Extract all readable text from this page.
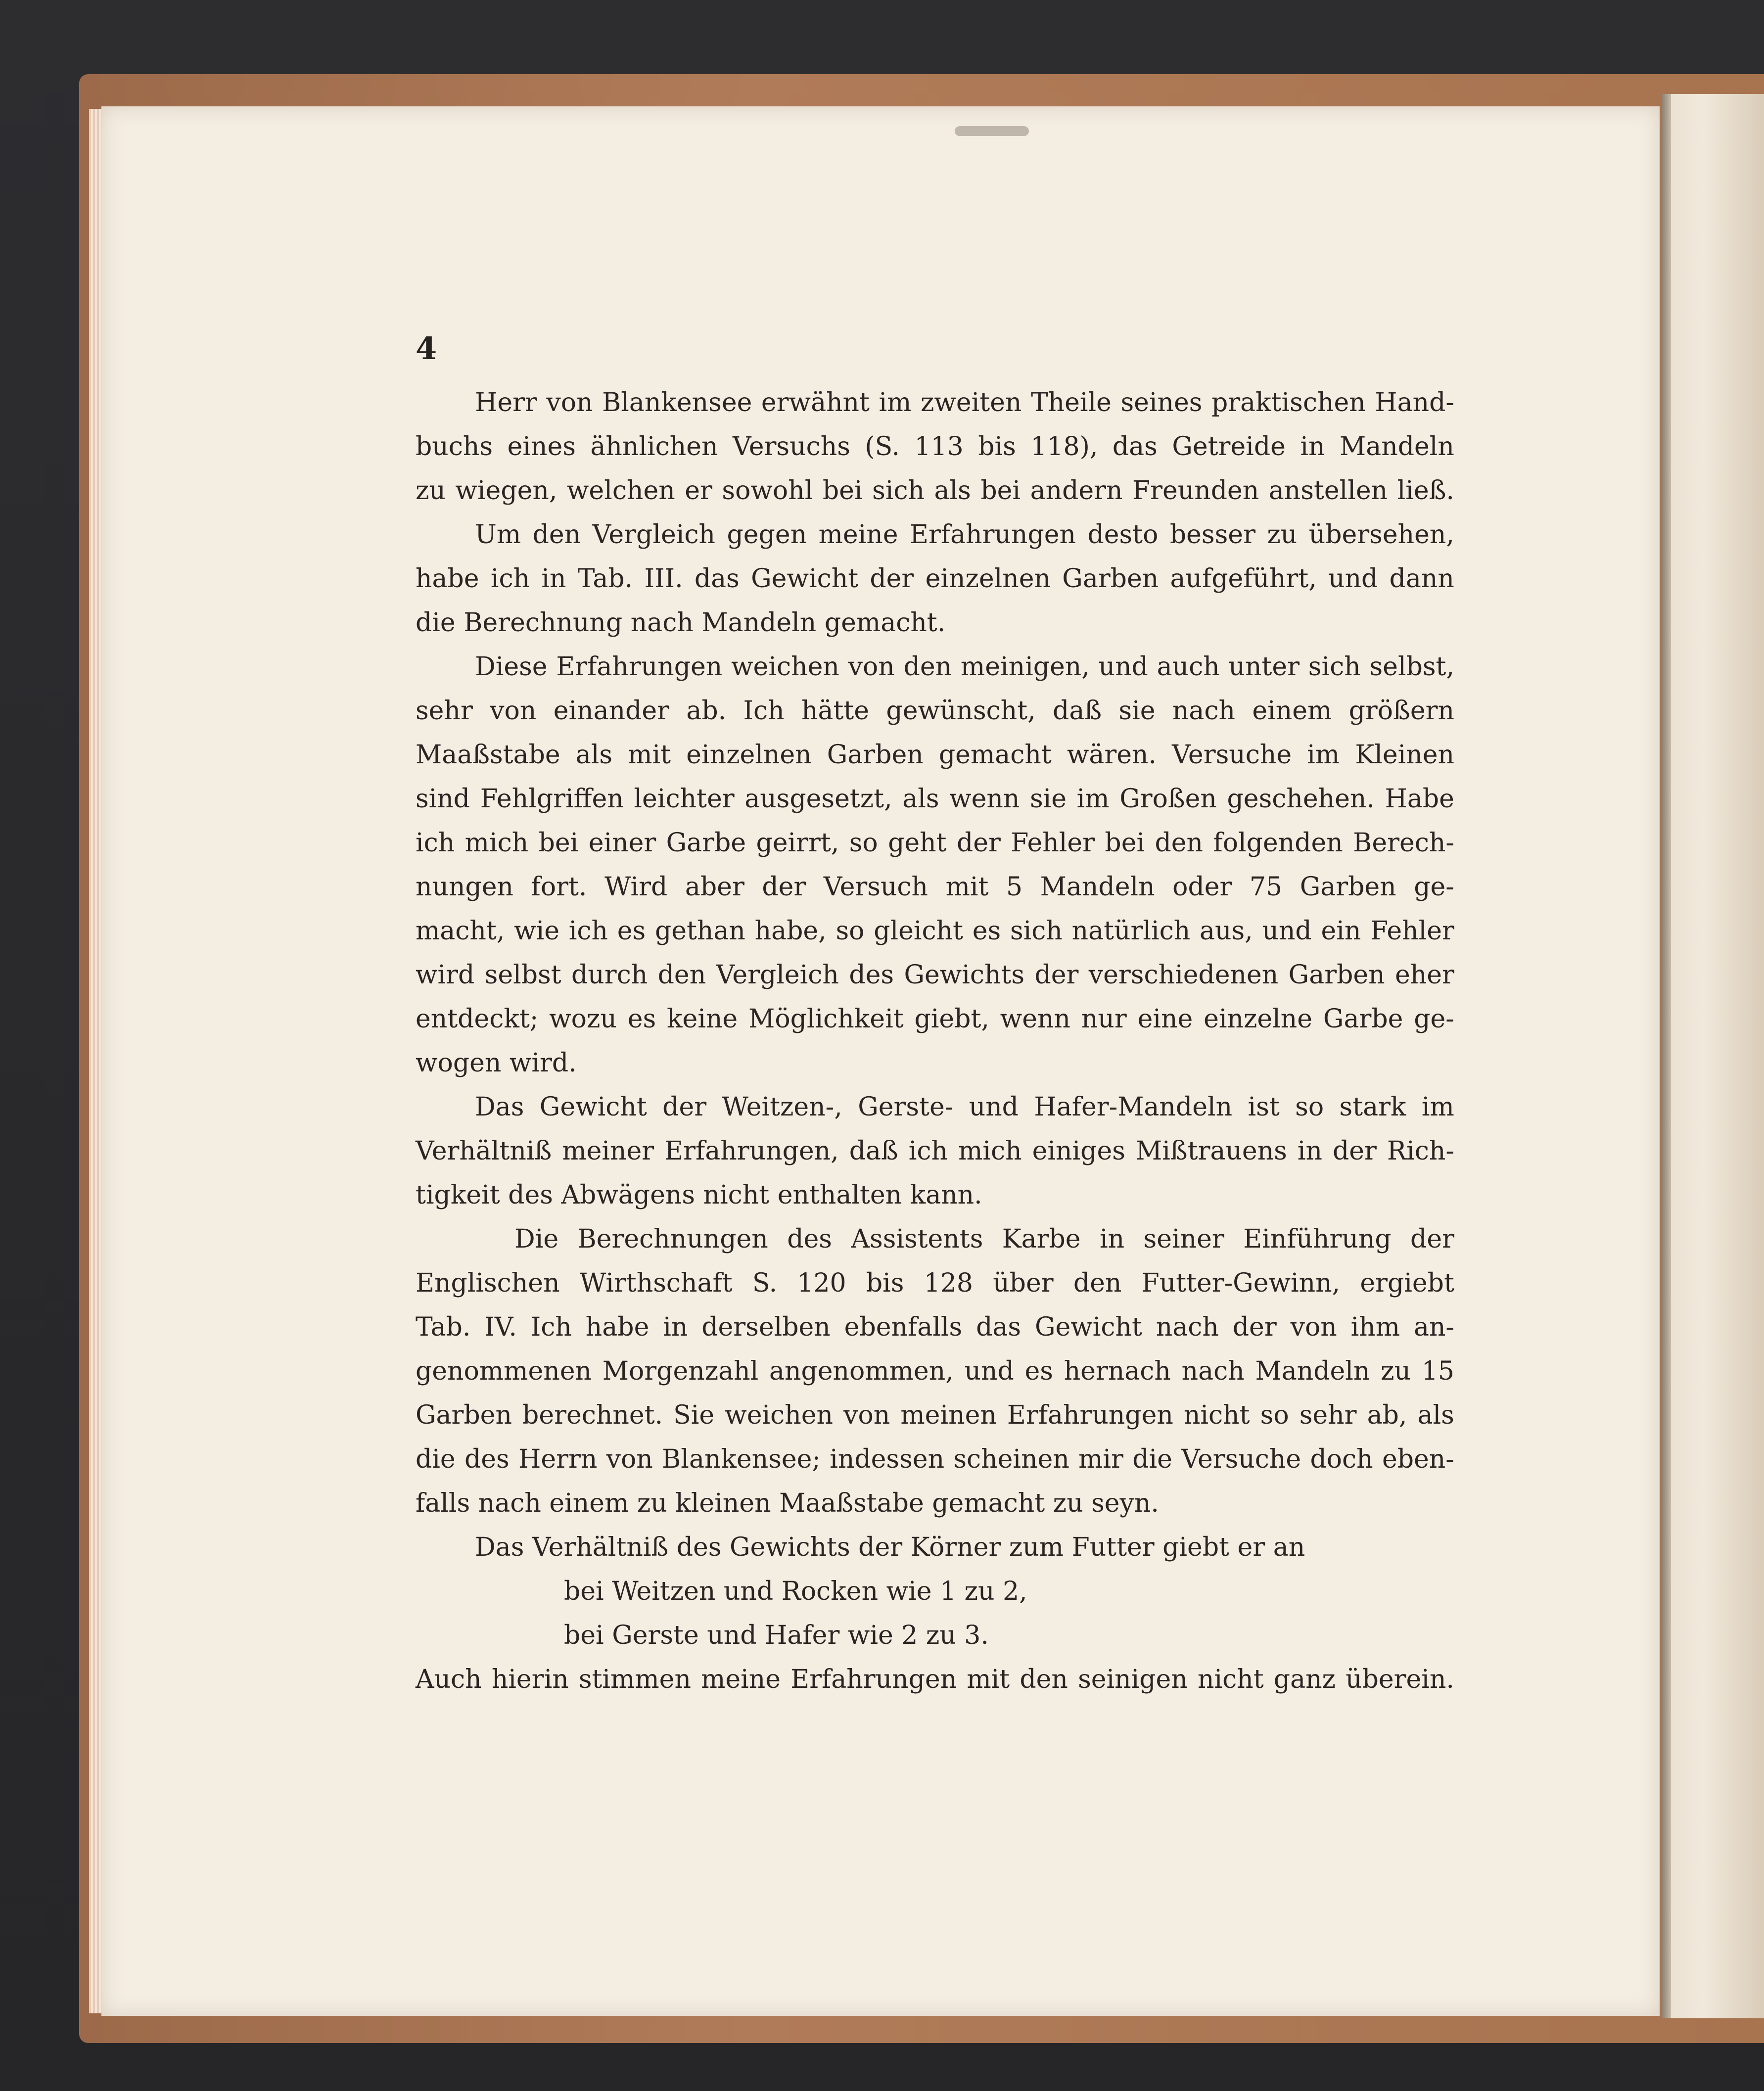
4
Herr von Blankensee erwähnt im zweiten Theile seines praktischen Hand-
buchs eines ähnlichen Versuchs (S. 113 bis 118), das Getreide in Mandeln
zu wiegen, welchen er sowohl bei sich als bei andern Freunden anstellen ließ.
Um den Vergleich gegen meine Erfahrungen desto besser zu übersehen,
habe ich in Tab. III. das Gewicht der einzelnen Garben aufgeführt, und dann
die Berechnung nach Mandeln gemacht.
Diese Erfahrungen weichen von den meinigen, und auch unter sich selbst,
sehr von einander ab. Ich hätte gewünscht, daß sie nach einem größern
Maaßstabe als mit einzelnen Garben gemacht wären. Versuche im Kleinen
sind Fehlgriffen leichter ausgesetzt, als wenn sie im Großen geschehen. Habe
ich mich bei einer Garbe geirrt, so geht der Fehler bei den folgenden Berech-
nungen fort. Wird aber der Versuch mit 5 Mandeln oder 75 Garben ge-
macht, wie ich es gethan habe, so gleicht es sich natürlich aus, und ein Fehler
wird selbst durch den Vergleich des Gewichts der verschiedenen Garben eher
entdeckt; wozu es keine Möglichkeit giebt, wenn nur eine einzelne Garbe ge-
wogen wird.
Das Gewicht der Weitzen-, Gerste- und Hafer-Mandeln ist so stark im
Verhältniß meiner Erfahrungen, daß ich mich einiges Mißtrauens in der Rich-
tigkeit des Abwägens nicht enthalten kann.
Die Berechnungen des Assistents Karbe in seiner Einführung der
Englischen Wirthschaft S. 120 bis 128 über den Futter-Gewinn, ergiebt
Tab. IV. Ich habe in derselben ebenfalls das Gewicht nach der von ihm an-
genommenen Morgenzahl angenommen, und es hernach nach Mandeln zu 15
Garben berechnet. Sie weichen von meinen Erfahrungen nicht so sehr ab, als
die des Herrn von Blankensee; indessen scheinen mir die Versuche doch eben-
falls nach einem zu kleinen Maaßstabe gemacht zu seyn.
Das Verhältniß des Gewichts der Körner zum Futter giebt er an
bei Weitzen und Rocken wie 1 zu 2,
bei Gerste und Hafer wie 2 zu 3.
Auch hierin stimmen meine Erfahrungen mit den seinigen nicht ganz überein.
